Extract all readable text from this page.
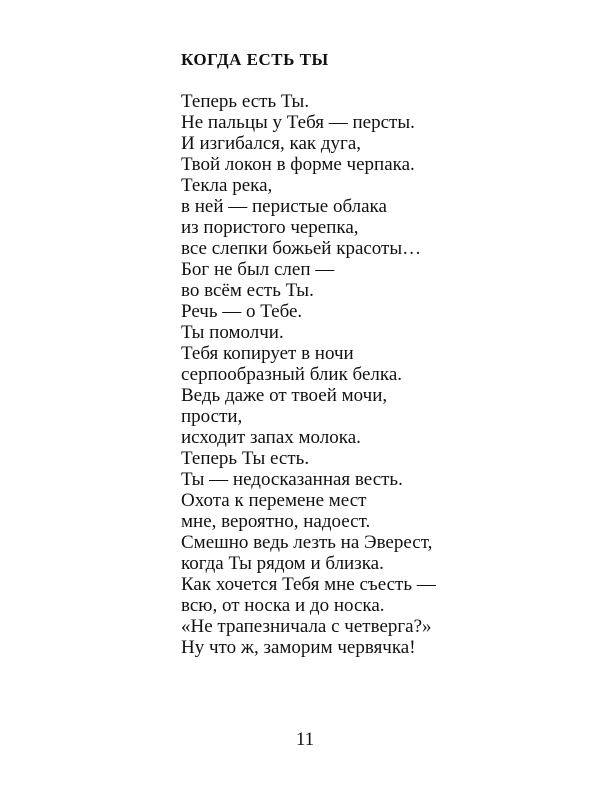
КОГДА ЕСТЬ ТЫ
Теперь есть Ты.
Не пальцы у Тебя — персты.
И изгибался, как дуга,
Твой локон в форме черпака.
Текла река,
в ней — перистые облака
из пористого черепка,
все слепки божьей красоты…
Бог не был слеп —
во всём есть Ты.
Речь — о Тебе.
Ты помолчи.
Тебя копирует в ночи
серпообразный блик белка.
Ведь даже от твоей мочи,
прости,
исходит запах молока.
Теперь Ты есть.
Ты — недосказанная весть.
Охота к перемене мест
мне, вероятно, надоест.
Смешно ведь лезть на Эверест,
когда Ты рядом и близка.
Как хочется Тебя мне съесть —
всю, от носка и до носка.
«Не трапезничала с четверга?»
Ну что ж, заморим червячка!
11
